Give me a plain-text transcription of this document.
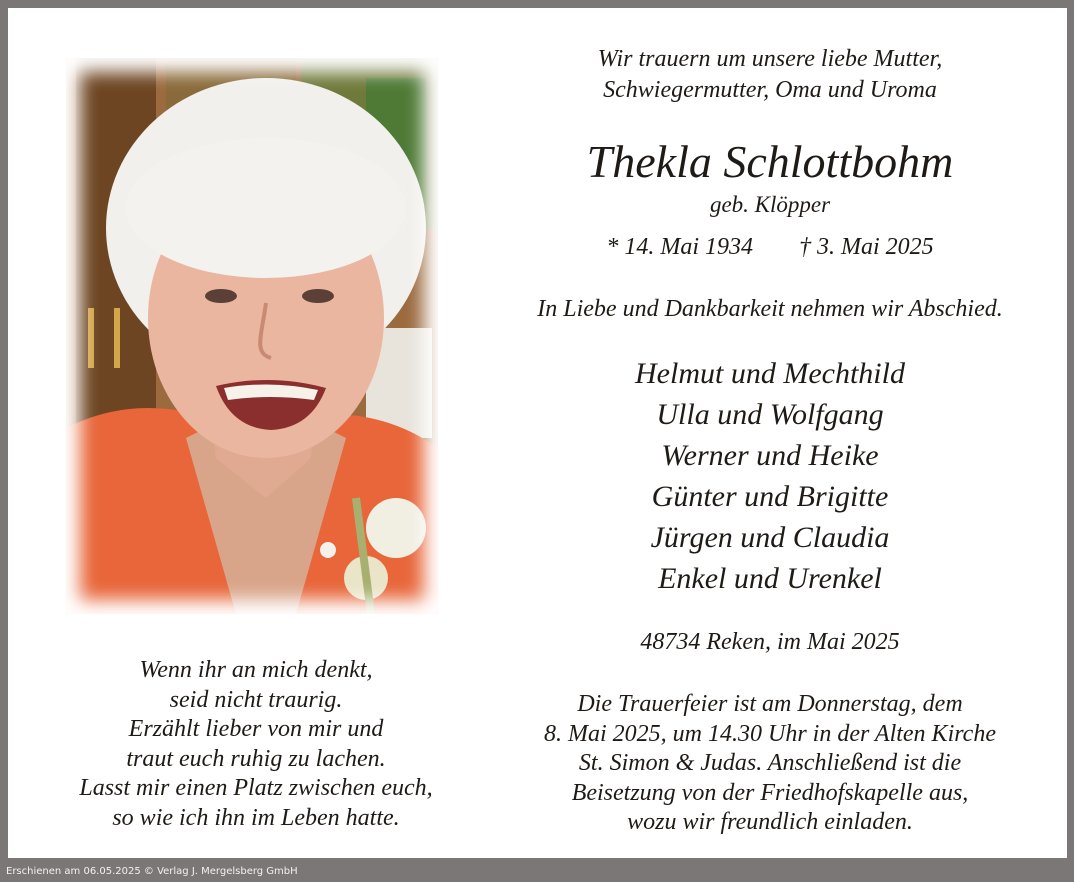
Wenn ihr an mich denkt,
seid nicht traurig.
Erzählt lieber von mir und
traut euch ruhig zu lachen.
Lasst mir einen Platz zwischen euch,
so wie ich ihn im Leben hatte.
Wir trauern um unsere liebe Mutter,
Schwiegermutter, Oma und Uroma
Thekla Schlottbohm
geb. Klöpper
* 14. Mai 1934 † 3. Mai 2025
In Liebe und Dankbarkeit nehmen wir Abschied.
Helmut und Mechthild
Ulla und Wolfgang
Werner und Heike
Günter und Brigitte
Jürgen und Claudia
Enkel und Urenkel
48734 Reken, im Mai 2025
Die Trauerfeier ist am Donnerstag, dem
8. Mai 2025, um 14.30 Uhr in der Alten Kirche
St. Simon & Judas. Anschließend ist die
Beisetzung von der Friedhofskapelle aus,
wozu wir freundlich einladen.
Erschienen am 06.05.2025 © Verlag J. Mergelsberg GmbH
